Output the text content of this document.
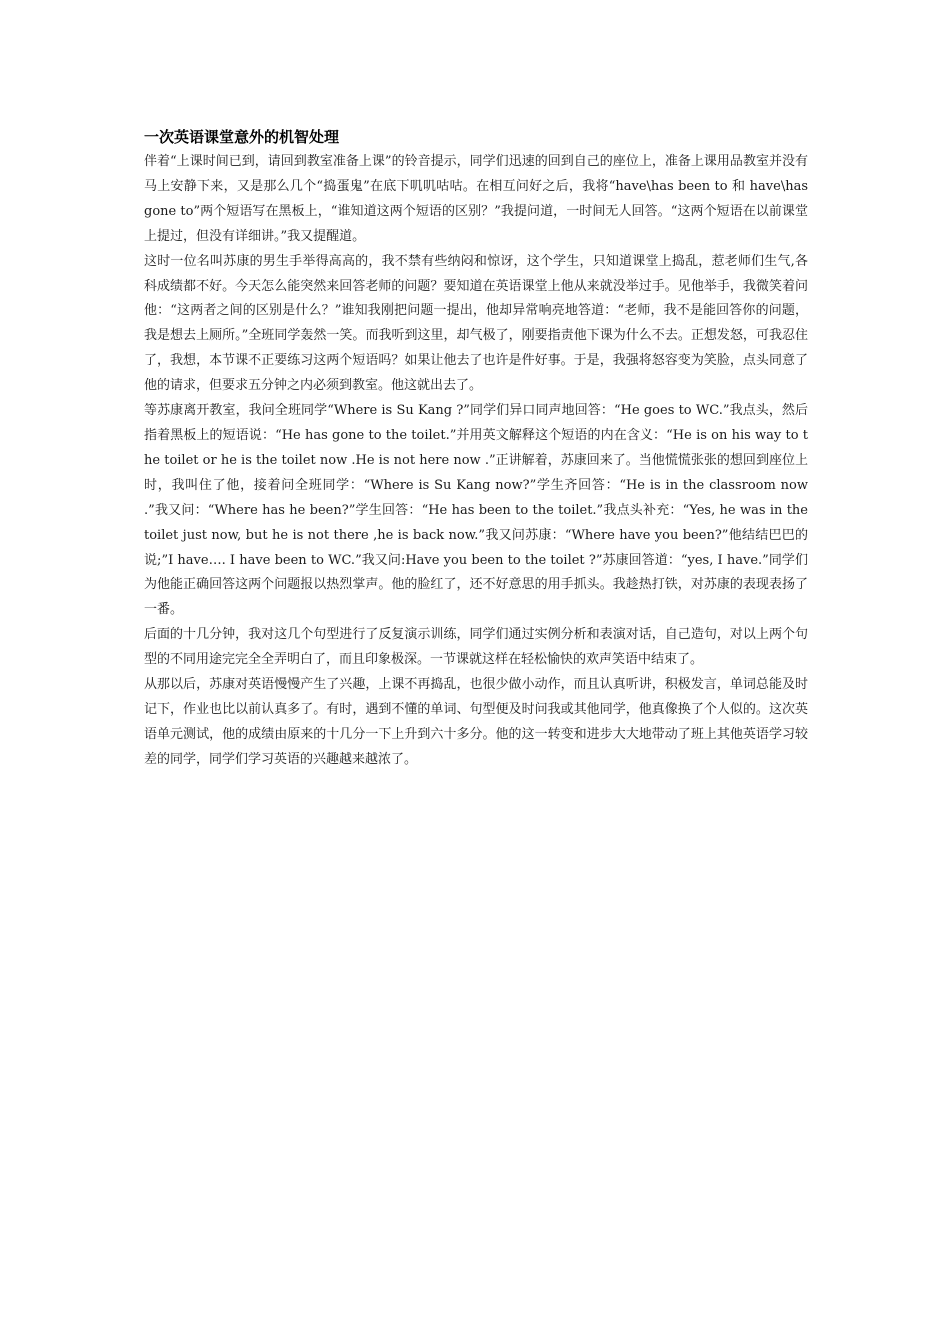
一次英语课堂意外的机智处理

伴着“上课时间已到，请回到教室准备上课”的铃音提示，同学们迅速的回到自己的座位上，准备上课用品教室并没有马上安静下来，又是那么几个“捣蛋鬼”在底下叽叽咕咕。在相互问好之后，我将“have\has been to 和 have\has gone to”两个短语写在黑板上，“谁知道这两个短语的区别？”我提问道，一时间无人回答。“这两个短语在以前课堂上提过，但没有详细讲。”我又提醒道。

这时一位名叫苏康的男生手举得高高的，我不禁有些纳闷和惊讶，这个学生，只知道课堂上捣乱，惹老师们生气,各科成绩都不好。今天怎么能突然来回答老师的问题？要知道在英语课堂上他从来就没举过手。见他举手，我微笑着问他：“这两者之间的区别是什么？”谁知我刚把问题一提出，他却异常响亮地答道：“老师，我不是能回答你的问题，我是想去上厕所。”全班同学轰然一笑。而我听到这里，却气极了，刚要指责他下课为什么不去。正想发怒，可我忍住了，我想，本节课不正要练习这两个短语吗？如果让他去了也许是件好事。于是，我强将怒容变为笑脸，点头同意了他的请求，但要求五分钟之内必须到教室。他这就出去了。

等苏康离开教室，我问全班同学“Where is Su Kang ?”同学们异口同声地回答：“He goes to WC.”我点头，然后指着黑板上的短语说：“He has gone to the toilet.”并用英文解释这个短语的内在含义：“He is on his way to the toilet or he is the toilet now .He is not here now .”正讲解着，苏康回来了。当他慌慌张张的想回到座位上时，我叫住了他，接着问全班同学：“Where is Su Kang now?”学生齐回答：“He is in the classroom now .”我又问：“Where has he been?”学生回答：“He has been to the toilet.”我点头补充：“Yes, he was in the toilet just now, but he is not there ,he is back now.”我又问苏康：“Where have you been?”他结结巴巴的说;”I have…. I have been to WC.”我又问:Have you been to the toilet ?”苏康回答道：“yes, I have.”同学们为他能正确回答这两个问题报以热烈掌声。他的脸红了，还不好意思的用手抓头。我趁热打铁，对苏康的表现表扬了一番。

后面的十几分钟，我对这几个句型进行了反复演示训练，同学们通过实例分析和表演对话，自己造句，对以上两个句型的不同用途完完全全弄明白了，而且印象极深。一节课就这样在轻松愉快的欢声笑语中结束了。

从那以后，苏康对英语慢慢产生了兴趣，上课不再捣乱，也很少做小动作，而且认真听讲，积极发言，单词总能及时记下，作业也比以前认真多了。有时，遇到不懂的单词、句型便及时问我或其他同学，他真像换了个人似的。这次英语单元测试，他的成绩由原来的十几分一下上升到六十多分。他的这一转变和进步大大地带动了班上其他英语学习较差的同学，同学们学习英语的兴趣越来越浓了。
